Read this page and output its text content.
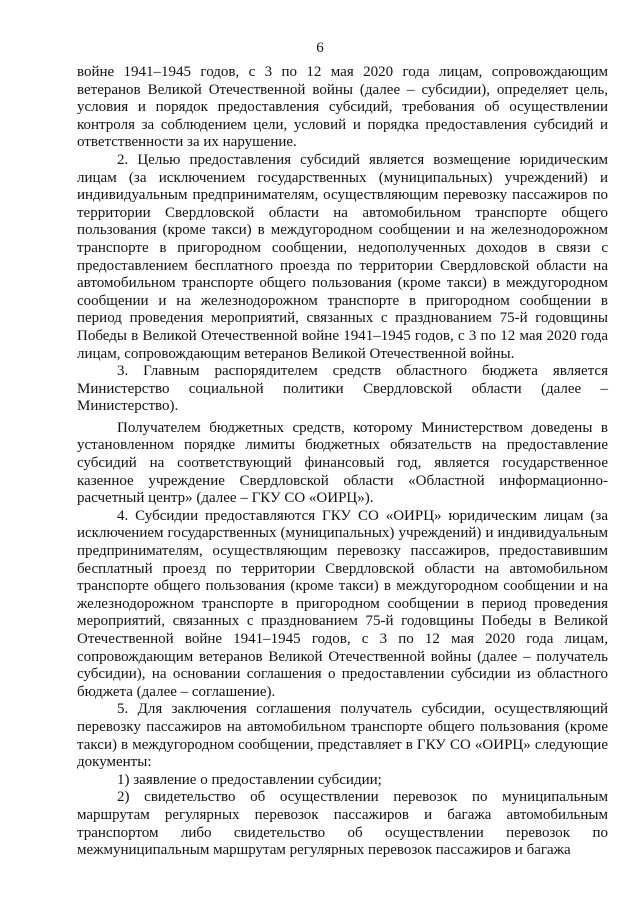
6

войне 1941–1945 годов, с 3 по 12 мая 2020 года лицам, сопровождающим ветеранов Великой Отечественной войны (далее – субсидии), определяет цель, условия и порядок предоставления субсидий, требования об осуществлении контроля за соблюдением цели, условий и порядка предоставления субсидий и ответственности за их нарушение.

2. Целью предоставления субсидий является возмещение юридическим лицам (за исключением государственных (муниципальных) учреждений) и индивидуальным предпринимателям, осуществляющим перевозку пассажиров по территории Свердловской области на автомобильном транспорте общего пользования (кроме такси) в междугородном сообщении и на железнодорожном транспорте в пригородном сообщении, недополученных доходов в связи с предоставлением бесплатного проезда по территории Свердловской области на автомобильном транспорте общего пользования (кроме такси) в междугородном сообщении и на железнодорожном транспорте в пригородном сообщении в период проведения мероприятий, связанных с празднованием 75-й годовщины Победы в Великой Отечественной войне 1941–1945 годов, с 3 по 12 мая 2020 года лицам, сопровождающим ветеранов Великой Отечественной войны.

3. Главным распорядителем средств областного бюджета является Министерство социальной политики Свердловской области (далее – Министерство).

Получателем бюджетных средств, которому Министерством доведены в установленном порядке лимиты бюджетных обязательств на предоставление субсидий на соответствующий финансовый год, является государственное казенное учреждение Свердловской области «Областной информационно-расчетный центр» (далее – ГКУ СО «ОИРЦ»).

4. Субсидии предоставляются ГКУ СО «ОИРЦ» юридическим лицам (за исключением государственных (муниципальных) учреждений) и индивидуальным предпринимателям, осуществляющим перевозку пассажиров, предоставившим бесплатный проезд по территории Свердловской области на автомобильном транспорте общего пользования (кроме такси) в междугородном сообщении и на железнодорожном транспорте в пригородном сообщении в период проведения мероприятий, связанных с празднованием 75-й годовщины Победы в Великой Отечественной войне 1941–1945 годов, с 3 по 12 мая 2020 года лицам, сопровождающим ветеранов Великой Отечественной войны (далее – получатель субсидии), на основании соглашения о предоставлении субсидии из областного бюджета (далее – соглашение).

5. Для заключения соглашения получатель субсидии, осуществляющий перевозку пассажиров на автомобильном транспорте общего пользования (кроме такси) в междугородном сообщении, представляет в ГКУ СО «ОИРЦ» следующие документы:

1) заявление о предоставлении субсидии;

2) свидетельство об осуществлении перевозок по муниципальным маршрутам регулярных перевозок пассажиров и багажа автомобильным транспортом либо свидетельство об осуществлении перевозок по межмуниципальным маршрутам регулярных перевозок пассажиров и багажа
